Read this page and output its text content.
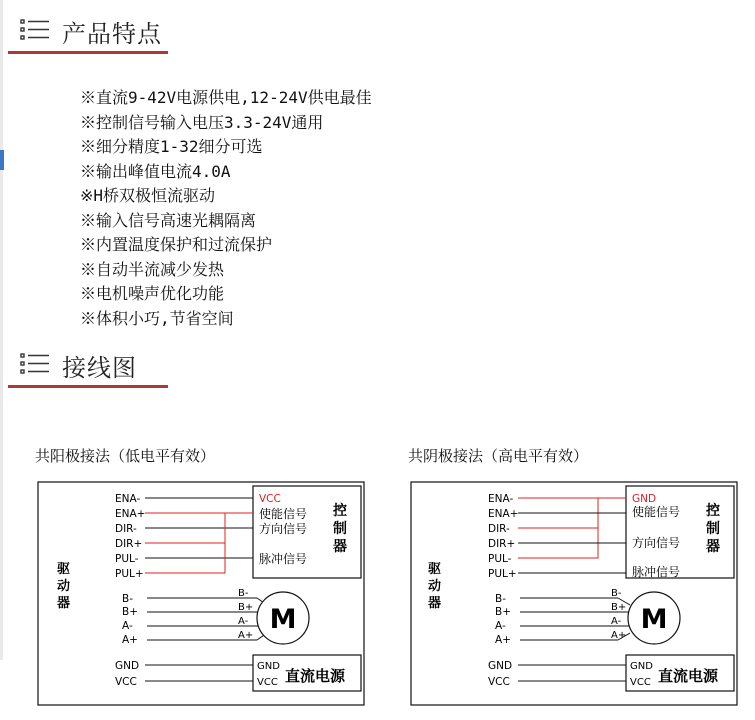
产品特点
※直流9-42V电源供电,12-24V供电最佳
※控制信号输入电压3.3-24V通用
※细分精度1-32细分可选
※输出峰值电流4.0A
※H桥双极恒流驱动
※输入信号高速光耦隔离
※内置温度保护和过流保护
※自动半流减少发热
※电机噪声优化功能
※体积小巧,节省空间
接线图
共阳极接法（低电平有效）
驱
动
器
ENA-
ENA+
DIR-
DIR+
PUL-
PUL+
B-
B+
A-
A+
GND
VCC
VCC
使能信号
方向信号
脉冲信号
控
制
器
B-
B+
A-
A+
M
GND
VCC 直流电源
共阴极接法（高电平有效）
驱
动
器
ENA-
ENA+
DIR-
DIR+
PUL-
PUL+
B-
B+
A-
A+
GND
VCC
GND
使能信号
方向信号
脉冲信号
控
制
器
B-
B+
A-
A+
M
GND
VCC 直流电源
